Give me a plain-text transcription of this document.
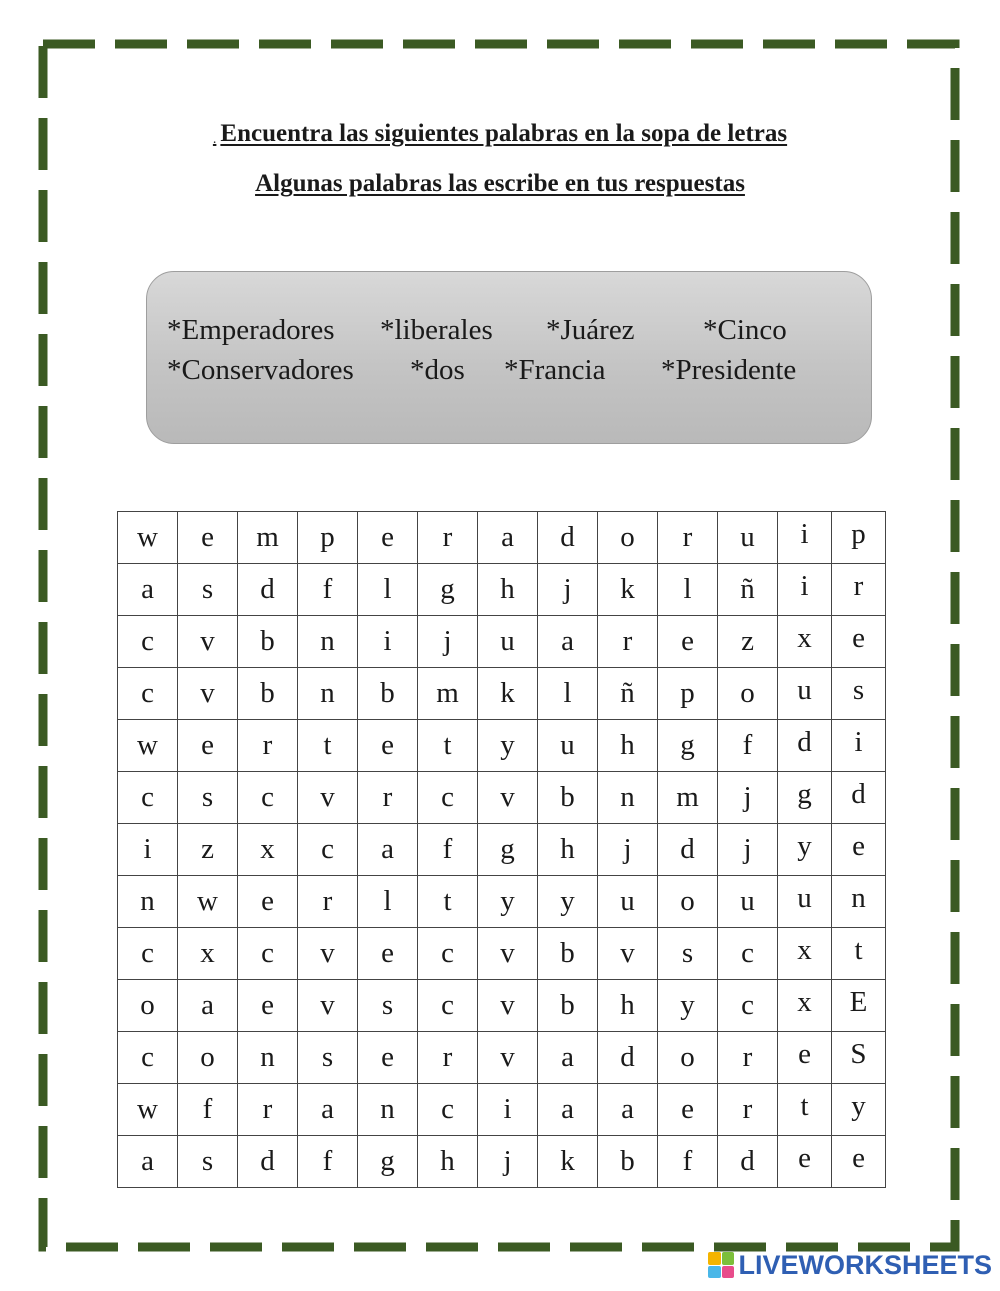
. Encuentra las siguientes palabras en la sopa de letras
Algunas palabras las escribe en tus respuestas
*Emperadores *liberales *Juárez *Cinco
*Conservadores *dos *Francia *Presidente
w	e	m	p	e	r	a	d	o	r	u	i	p
a	s	d	f	l	g	h	j	k	l	ñ	i	r
c	v	b	n	i	j	u	a	r	e	z	x	e
c	v	b	n	b	m	k	l	ñ	p	o	u	s
w	e	r	t	e	t	y	u	h	g	f	d	i
c	s	c	v	r	c	v	b	n	m	j	g	d
i	z	x	c	a	f	g	h	j	d	j	y	e
n	w	e	r	l	t	y	y	u	o	u	u	n
c	x	c	v	e	c	v	b	v	s	c	x	t
o	a	e	v	s	c	v	b	h	y	c	x	E
c	o	n	s	e	r	v	a	d	o	r	e	S
w	f	r	a	n	c	i	a	a	e	r	t	y
a	s	d	f	g	h	j	k	b	f	d	e	e
LIVEWORKSHEETS
